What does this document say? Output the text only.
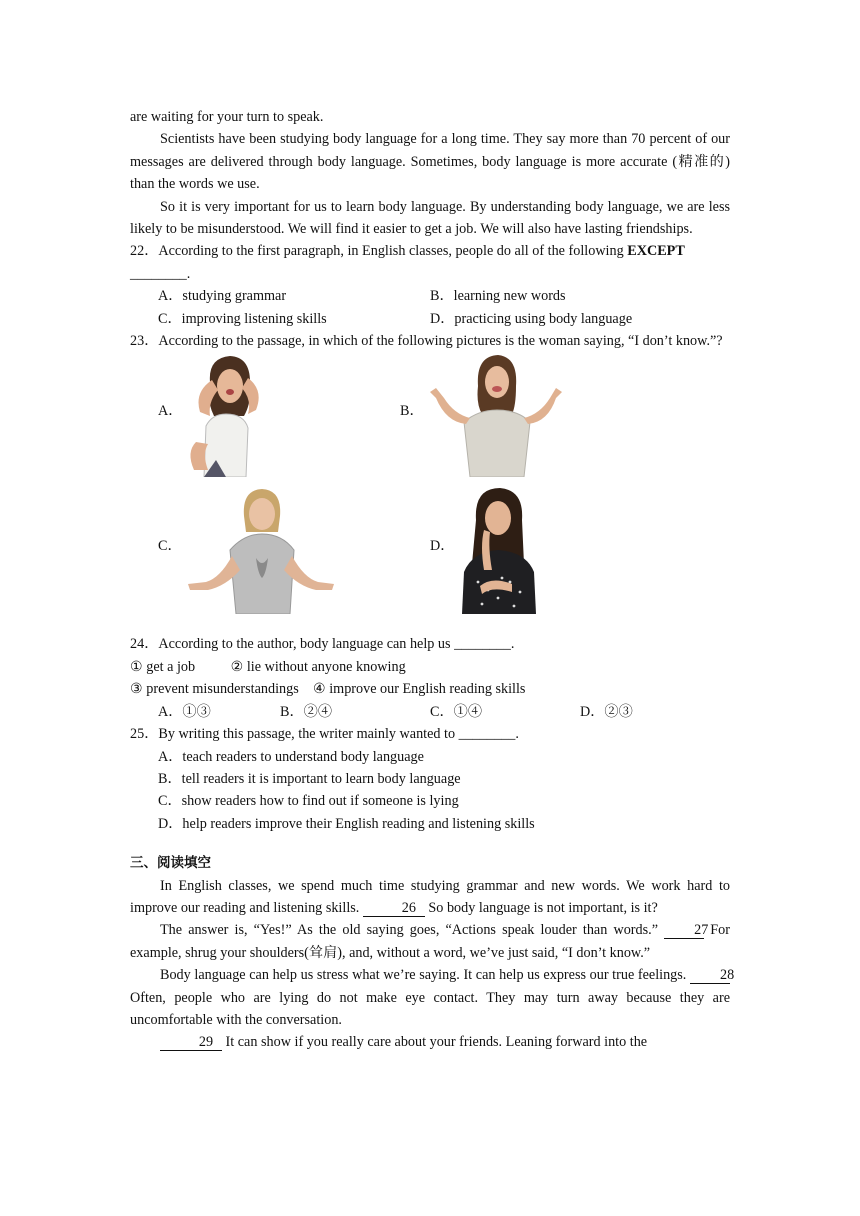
are waiting for your turn to speak.

Scientists have been studying body language for a long time. They say more than 70 percent of our messages are delivered through body language. Sometimes, body language is more accurate (精准的) than the words we use.

So it is very important for us to learn body language. By understanding body language, we are less likely to be misunderstood. We will find it easier to get a job. We will also have lasting friendships.

22．According to the first paragraph, in English classes, people do all of the following EXCEPT
________.

A．studying grammar	B．learning new words
C．improving listening skills	D．practicing using body language

23．According to the passage, in which of the following pictures is the woman saying, “I don’t know.”?

A．	B．
C．	D．

24．According to the author, body language can help us ________.

① get a job ② lie without anyone knowing

③ prevent misunderstandings ④ improve our English reading skills

A．①③	B．②④	C．①④	D．②③

25．By writing this passage, the writer mainly wanted to ________.

A．teach readers to understand body language
B．tell readers it is important to learn body language
C．show readers how to find out if someone is lying
D．help readers improve their English reading and listening skills
三、阅读填空

In English classes, we spend much time studying grammar and new words. We work hard to improve our reading and listening skills.	26 So body language is not important, is it?

The answer is, “Yes!” As the old saying goes, “Actions speak louder than words.” 27 For example, shrug your shoulders(耸肩), and, without a word, we’ve just said, “I don’t know.”

Body language can help us stress what we’re saying. It can help us express our true feelings. 28 Often, people who are lying do not make eye contact. They may turn away because they are uncomfortable with the conversation.

29 It can show if you really care about your friends. Leaning forward into the
